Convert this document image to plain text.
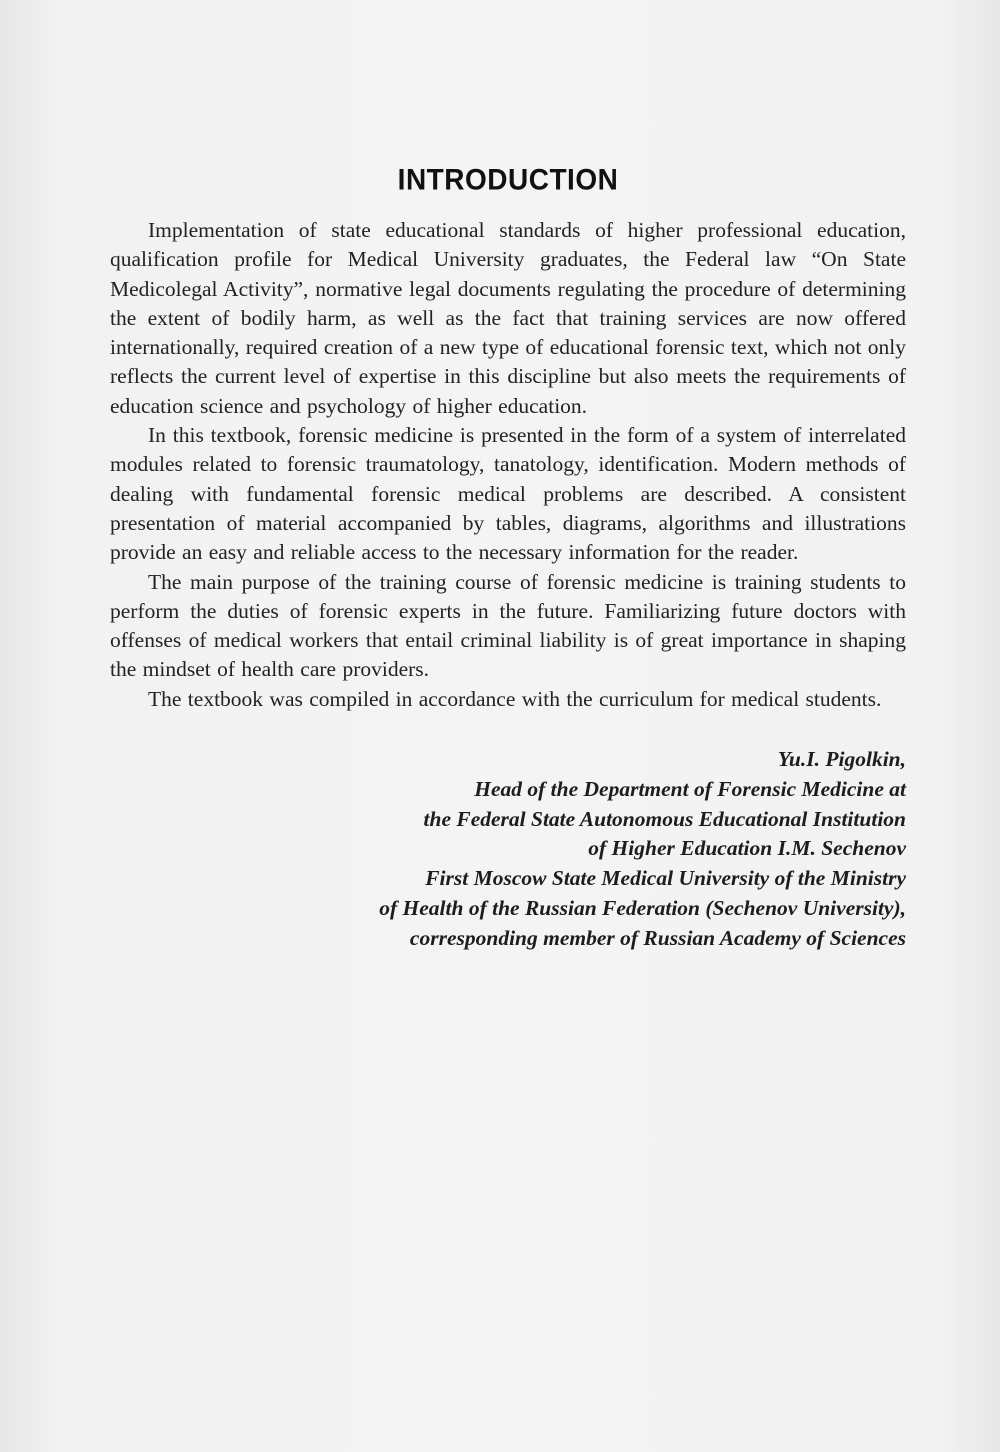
INTRODUCTION

Implementation of state educational standards of higher professional education, qualification profile for Medical University graduates, the Federal law “On State Medicolegal Activity”, normative legal documents regulating the procedure of determining the extent of bodily harm, as well as the fact that training services are now offered internationally, required creation of a new type of educational forensic text, which not only reflects the current level of expertise in this discipline but also meets the requirements of education science and psychology of higher education.

In this textbook, forensic medicine is presented in the form of a system of interrelated modules related to forensic traumatology, tanatology, identification. Modern methods of dealing with fundamental forensic medical problems are described. A consistent presentation of material accompanied by tables, diagrams, algorithms and illustrations provide an easy and reliable access to the necessary information for the reader.

The main purpose of the training course of forensic medicine is training students to perform the duties of forensic experts in the future. Familiarizing future doctors with offenses of medical workers that entail criminal liability is of great importance in shaping the mindset of health care providers.

The textbook was compiled in accordance with the curriculum for medical students.

Yu.I. Pigolkin,
Head of the Department of Forensic Medicine at
the Federal State Autonomous Educational Institution
of Higher Education I.M. Sechenov
First Moscow State Medical University of the Ministry
of Health of the Russian Federation (Sechenov University),
corresponding member of Russian Academy of Sciences
